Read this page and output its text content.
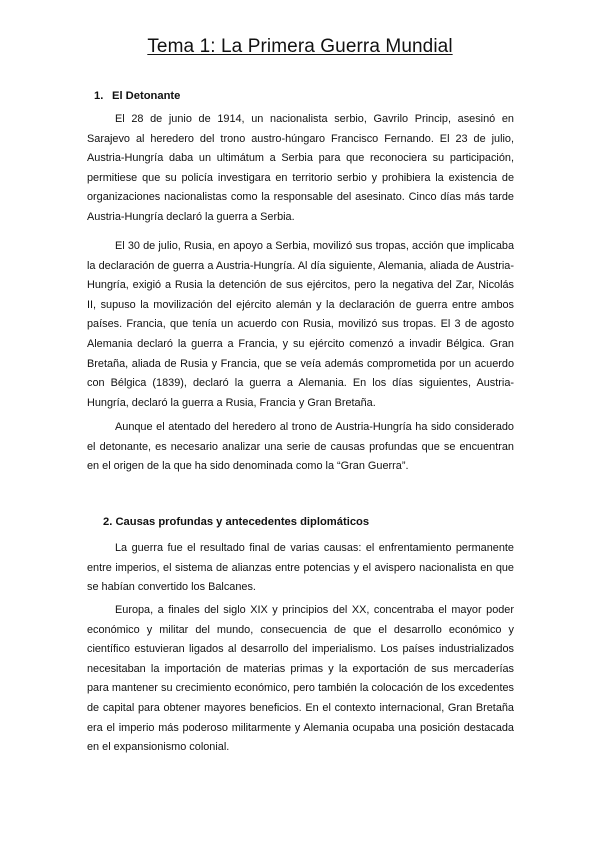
Tema 1: La Primera Guerra Mundial
1. El Detonante

El 28 de junio de 1914, un nacionalista serbio, Gavrilo Princip, asesinó en Sarajevo al heredero del trono austro-húngaro Francisco Fernando. El 23 de julio, Austria-Hungría daba un ultimátum a Serbia para que reconociera su participación, permitiese que su policía investigara en territorio serbio y prohibiera la existencia de organizaciones nacionalistas como la responsable del asesinato. Cinco días más tarde Austria-Hungría declaró la guerra a Serbia.

El 30 de julio, Rusia, en apoyo a Serbia, movilizó sus tropas, acción que implicaba la declaración de guerra a Austria-Hungría. Al día siguiente, Alemania, aliada de Austria-Hungría, exigió a Rusia la detención de sus ejércitos, pero la negativa del Zar, Nicolás II, supuso la movilización del ejército alemán y la declaración de guerra entre ambos países. Francia, que tenía un acuerdo con Rusia, movilizó sus tropas. El 3 de agosto Alemania declaró la guerra a Francia, y su ejército comenzó a invadir Bélgica. Gran Bretaña, aliada de Rusia y Francia, que se veía además comprometida por un acuerdo con Bélgica (1839), declaró la guerra a Alemania. En los días siguientes, Austria-Hungría, declaró la guerra a Rusia, Francia y Gran Bretaña.

Aunque el atentado del heredero al trono de Austria-Hungría ha sido considerado el detonante, es necesario analizar una serie de causas profundas que se encuentran en el origen de la que ha sido denominada como la “Gran Guerra”.

2. Causas profundas y antecedentes diplomáticos

La guerra fue el resultado final de varias causas: el enfrentamiento permanente entre imperios, el sistema de alianzas entre potencias y el avispero nacionalista en que se habían convertido los Balcanes.

Europa, a finales del siglo XIX y principios del XX, concentraba el mayor poder económico y militar del mundo, consecuencia de que el desarrollo económico y científico estuvieran ligados al desarrollo del imperialismo. Los países industrializados necesitaban la importación de materias primas y la exportación de sus mercaderías para mantener su crecimiento económico, pero también la colocación de los excedentes de capital para obtener mayores beneficios. En el contexto internacional, Gran Bretaña era el imperio más poderoso militarmente y Alemania ocupaba una posición destacada en el expansionismo colonial.
